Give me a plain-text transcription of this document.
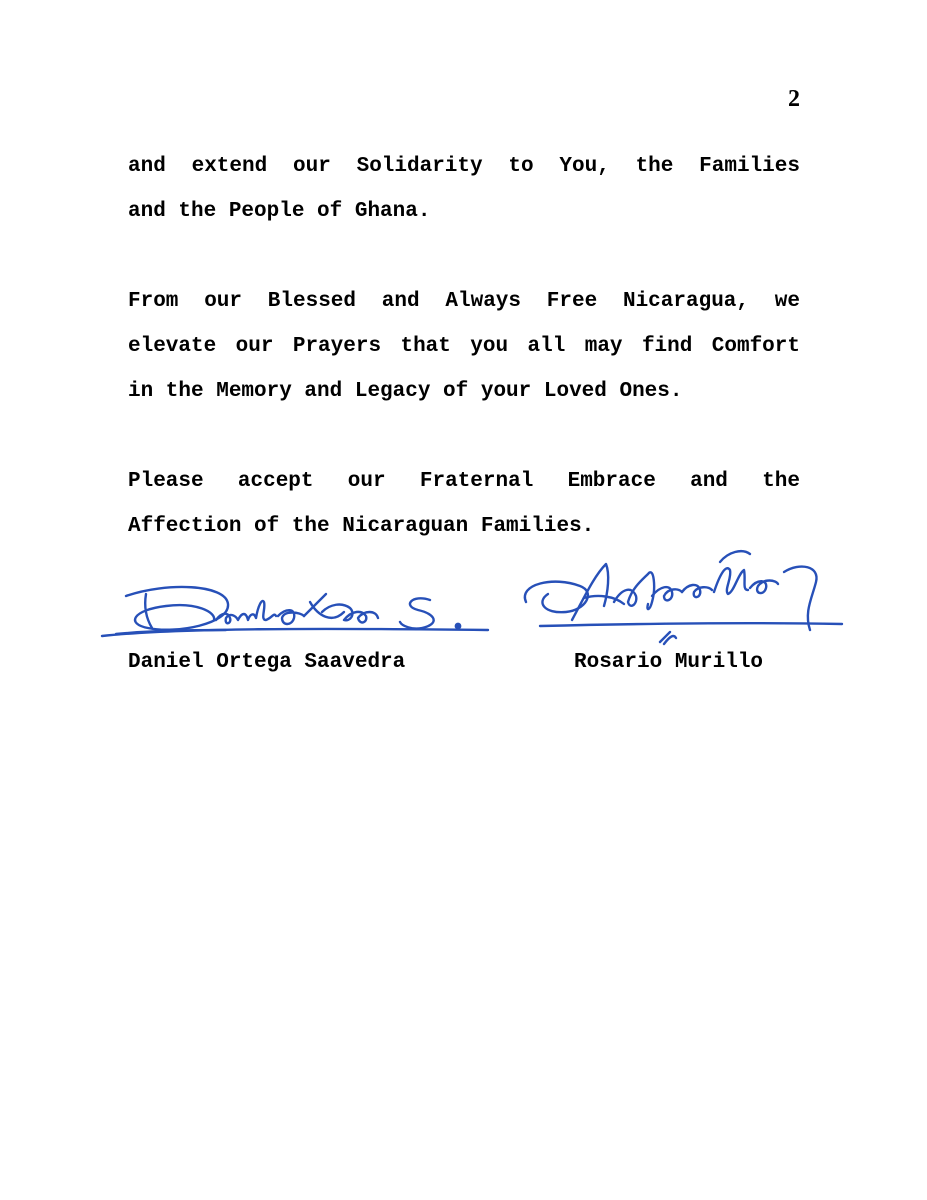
2

and extend our Solidarity to You, the Families
and the People of Ghana.

From our Blessed and Always Free Nicaragua, we
elevate our Prayers that you all may find Comfort
in the Memory and Legacy of your Loved Ones.

Please accept our Fraternal Embrace and the
Affection of the Nicaraguan Families.

Daniel Ortega Saavedra	Rosario Murillo
